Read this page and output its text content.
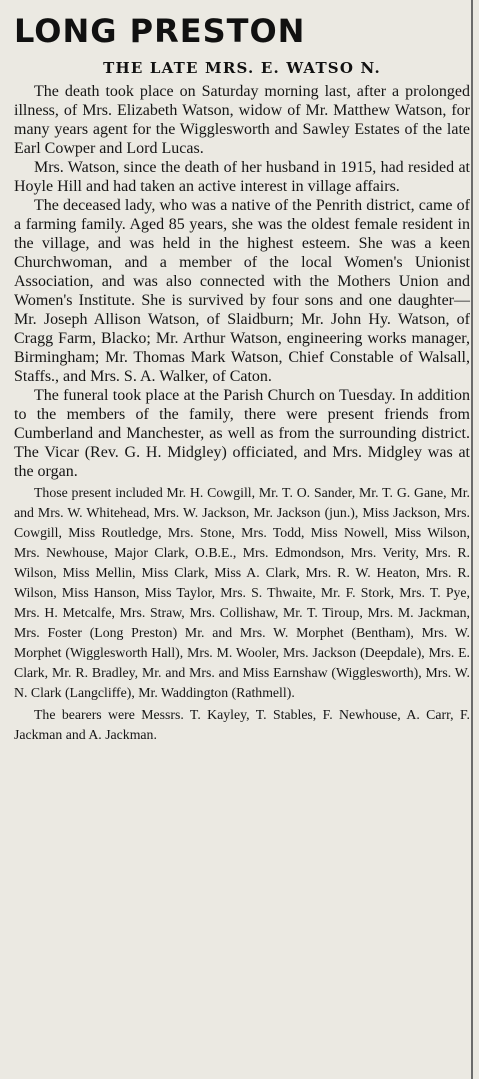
LONG PRESTON
THE LATE MRS. E. WATSO N.

The death took place on Saturday morning last, after a prolonged illness, of Mrs. Elizabeth Watson, widow of Mr. Matthew Watson, for many years agent for the Wigglesworth and Sawley Estates of the late Earl Cowper and Lord Lucas.

Mrs. Watson, since the death of her husband in 1915, had resided at Hoyle Hill and had taken an active interest in village affairs.

The deceased lady, who was a native of the Penrith district, came of a farming family. Aged 85 years, she was the oldest female resident in the village, and was held in the highest esteem. She was a keen Churchwoman, and a member of the local Women's Unionist Association, and was also connected with the Mothers Union and Women's Institute. She is survived by four sons and one daughter—Mr. Joseph Allison Watson, of Slaidburn; Mr. John Hy. Watson, of Cragg Farm, Blacko; Mr. Arthur Watson, engineering works manager, Birmingham; Mr. Thomas Mark Watson, Chief Constable of Walsall, Staffs., and Mrs. S. A. Walker, of Caton.

The funeral took place at the Parish Church on Tuesday. In addition to the members of the family, there were present friends from Cumberland and Manchester, as well as from the surrounding district. The Vicar (Rev. G. H. Midgley) officiated, and Mrs. Midgley was at the organ.

Those present included Mr. H. Cowgill, Mr. T. O. Sander, Mr. T. G. Gane, Mr. and Mrs. W. Whitehead, Mrs. W. Jackson, Mr. Jackson (jun.), Miss Jackson, Mrs. Cowgill, Miss Routledge, Mrs. Stone, Mrs. Todd, Miss Nowell, Miss Wilson, Mrs. Newhouse, Major Clark, O.B.E., Mrs. Edmondson, Mrs. Verity, Mrs. R. Wilson, Miss Mellin, Miss Clark, Miss A. Clark, Mrs. R. W. Heaton, Mrs. R. Wilson, Miss Hanson, Miss Taylor, Mrs. S. Thwaite, Mr. F. Stork, Mrs. T. Pye, Mrs. H. Metcalfe, Mrs. Straw, Mrs. Collishaw, Mr. T. Tiroup, Mrs. M. Jackman, Mrs. Foster (Long Preston) Mr. and Mrs. W. Morphet (Bentham), Mrs. W. Morphet (Wigglesworth Hall), Mrs. M. Wooler, Mrs. Jackson (Deepdale), Mrs. E. Clark, Mr. R. Bradley, Mr. and Mrs. and Miss Earnshaw (Wigglesworth), Mrs. W. N. Clark (Langcliffe), Mr. Waddington (Rathmell).

The bearers were Messrs. T. Kayley, T. Stables, F. Newhouse, A. Carr, F. Jackman and A. Jackman.
